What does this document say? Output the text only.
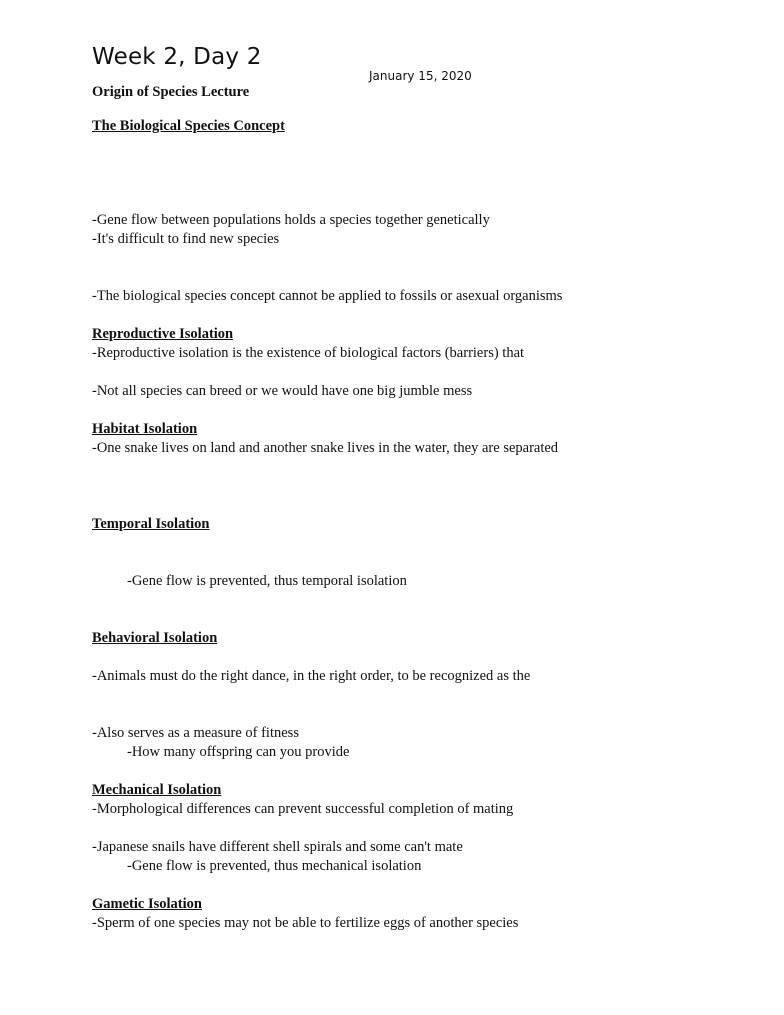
Week 2, Day 2
January 15, 2020
Origin of Species Lecture
The Biological Species Concept
-Gene flow between populations holds a species together genetically
-It's difficult to find new species
-The biological species concept cannot be applied to fossils or asexual organisms
Reproductive Isolation
-Reproductive isolation is the existence of biological factors (barriers) that
-Not all species can breed or we would have one big jumble mess
Habitat Isolation
-One snake lives on land and another snake lives in the water, they are separated
Temporal Isolation
-Gene flow is prevented, thus temporal isolation
Behavioral Isolation
-Animals must do the right dance, in the right order, to be recognized as the
-Also serves as a measure of fitness
-How many offspring can you provide
Mechanical Isolation
-Morphological differences can prevent successful completion of mating
-Japanese snails have different shell spirals and some can't mate
-Gene flow is prevented, thus mechanical isolation
Gametic Isolation
-Sperm of one species may not be able to fertilize eggs of another species
